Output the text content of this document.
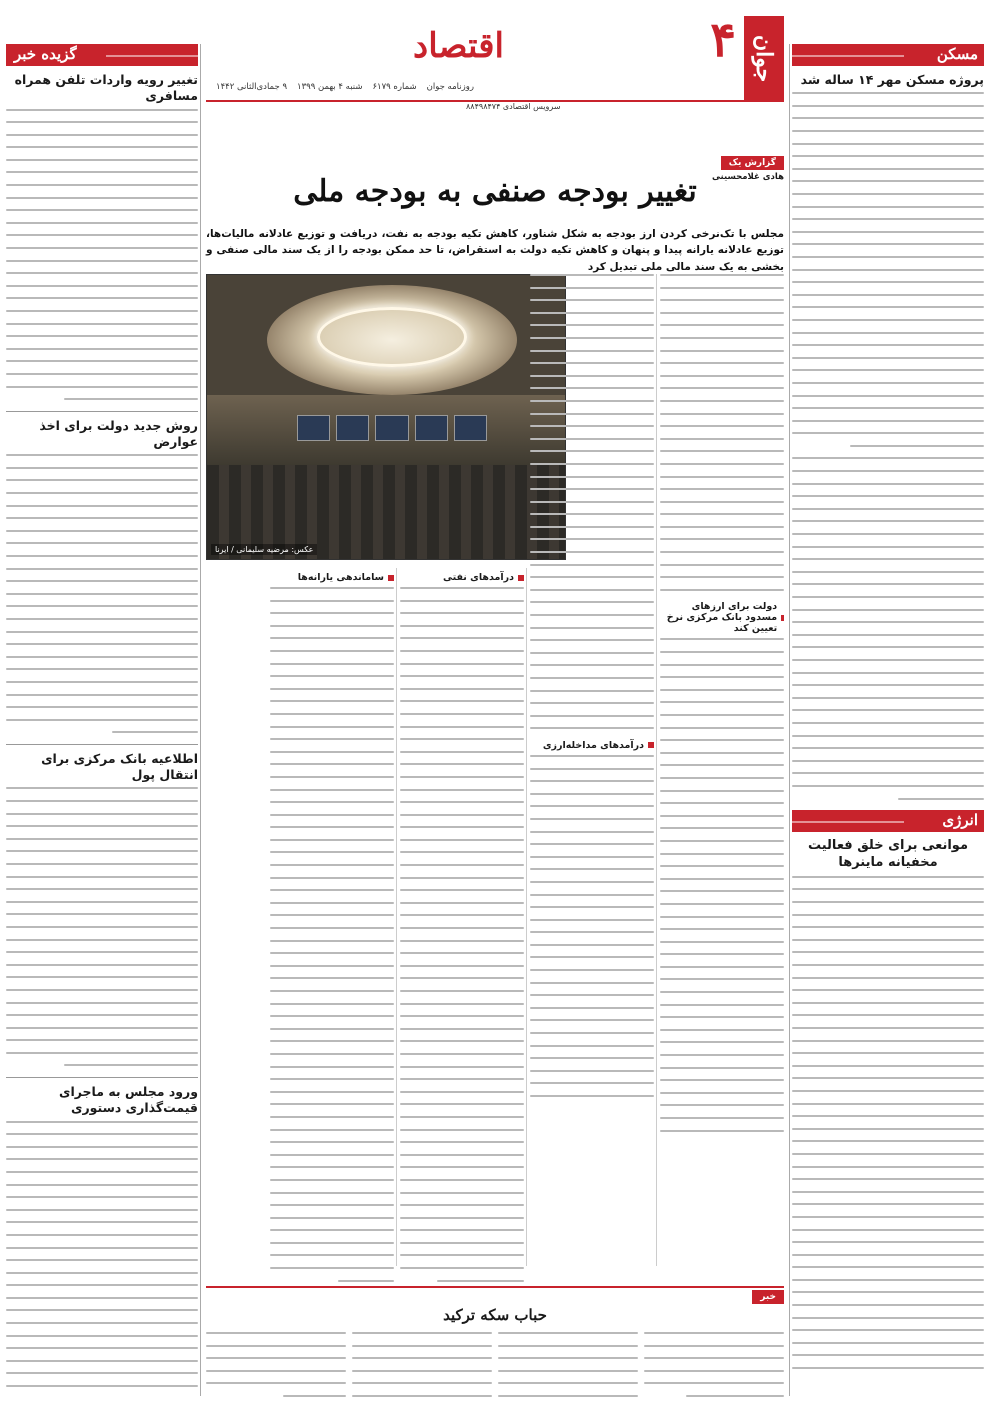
جوان
۴
اقتصاد
روزنامه جوان
شماره ۶۱۷۹
شنبه ۴ بهمن ۱۳۹۹
۹ جمادی‌الثانی ۱۴۴۲
سرویس اقتصادی ۸۸۴۹۸۴۷۴
مسکن
پروژه مسکن مهر ۱۴ ساله شد
انرژی
موانعی برای خلق فعالیت مخفیانه ماینرها
گزیده خبر
تغییر رویه واردات تلفن همراه مسافری
روش جدید دولت برای اخذ عوارض
اطلاعیه بانک مرکزی برای انتقال پول
ورود مجلس به ماجرای قیمت‌گذاری دستوری
گزارش یک
هادی غلامحسینی
تغییر بودجه صنفی به بودجه ملی
مجلس با تک‌نرخی کردن ارز بودجه به شکل شناور، کاهش تکیه بودجه به نفت، دریافت و توزیع عادلانه مالیات‌ها، توزیع عادلانه یارانه پیدا و پنهان و کاهش تکیه دولت به استقراض، تا حد ممکن بودجه را از یک سند مالی صنفی و بخشی به یک سند مالی ملی تبدیل کرد
عکس: مرضیه سلیمانی / ایرنا
دولت برای ارزهای مسدود بانک مرکزی نرخ تعیین کند
درآمدهای مداخله‌ارزی
درآمدهای نفتی
ساماندهی یارانه‌ها
خبر
حباب سکه ترکید
